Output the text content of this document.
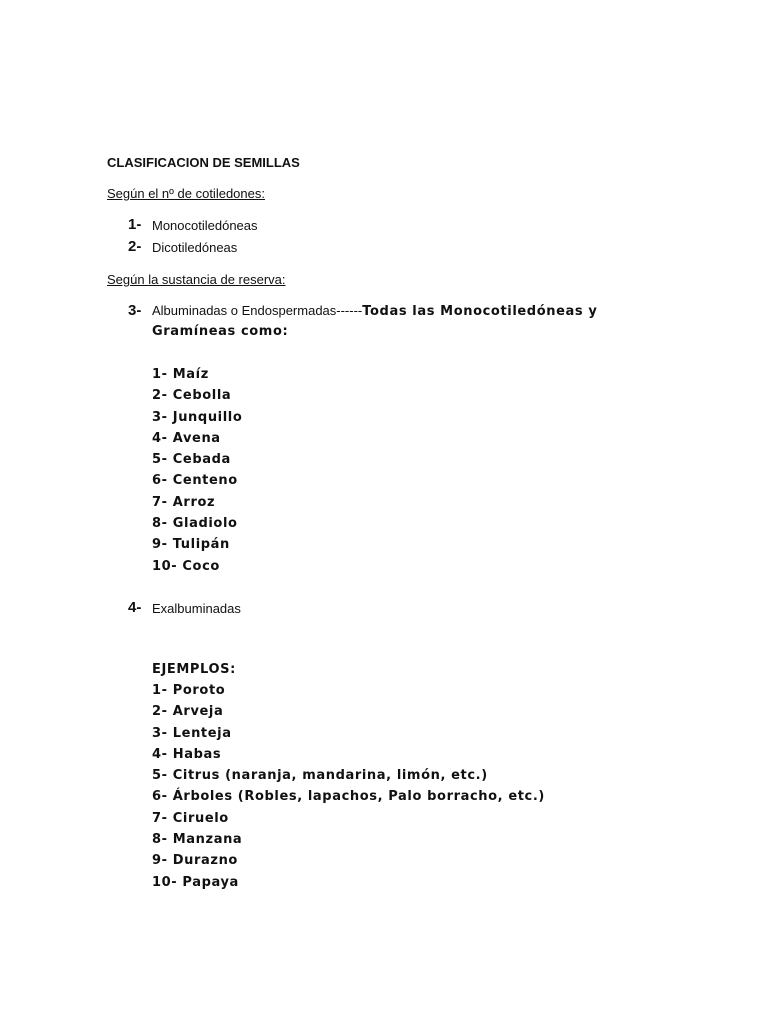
CLASIFICACION DE SEMILLAS
Según el nº de cotiledones:
1- Monocotiledóneas
2- Dicotiledóneas
Según la sustancia de reserva:
3- Albuminadas o Endospermadas------Todas las Monocotiledóneas y
Gramíneas como:
1- Maíz
2- Cebolla
3- Junquillo
4- Avena
5- Cebada
6- Centeno
7- Arroz
8- Gladiolo
9- Tulipán
10- Coco
4- Exalbuminadas
EJEMPLOS:
1- Poroto
2- Arveja
3- Lenteja
4- Habas
5- Citrus (naranja, mandarina, limón, etc.)
6- Árboles (Robles, lapachos, Palo borracho, etc.)
7- Ciruelo
8- Manzana
9- Durazno
10- Papaya
